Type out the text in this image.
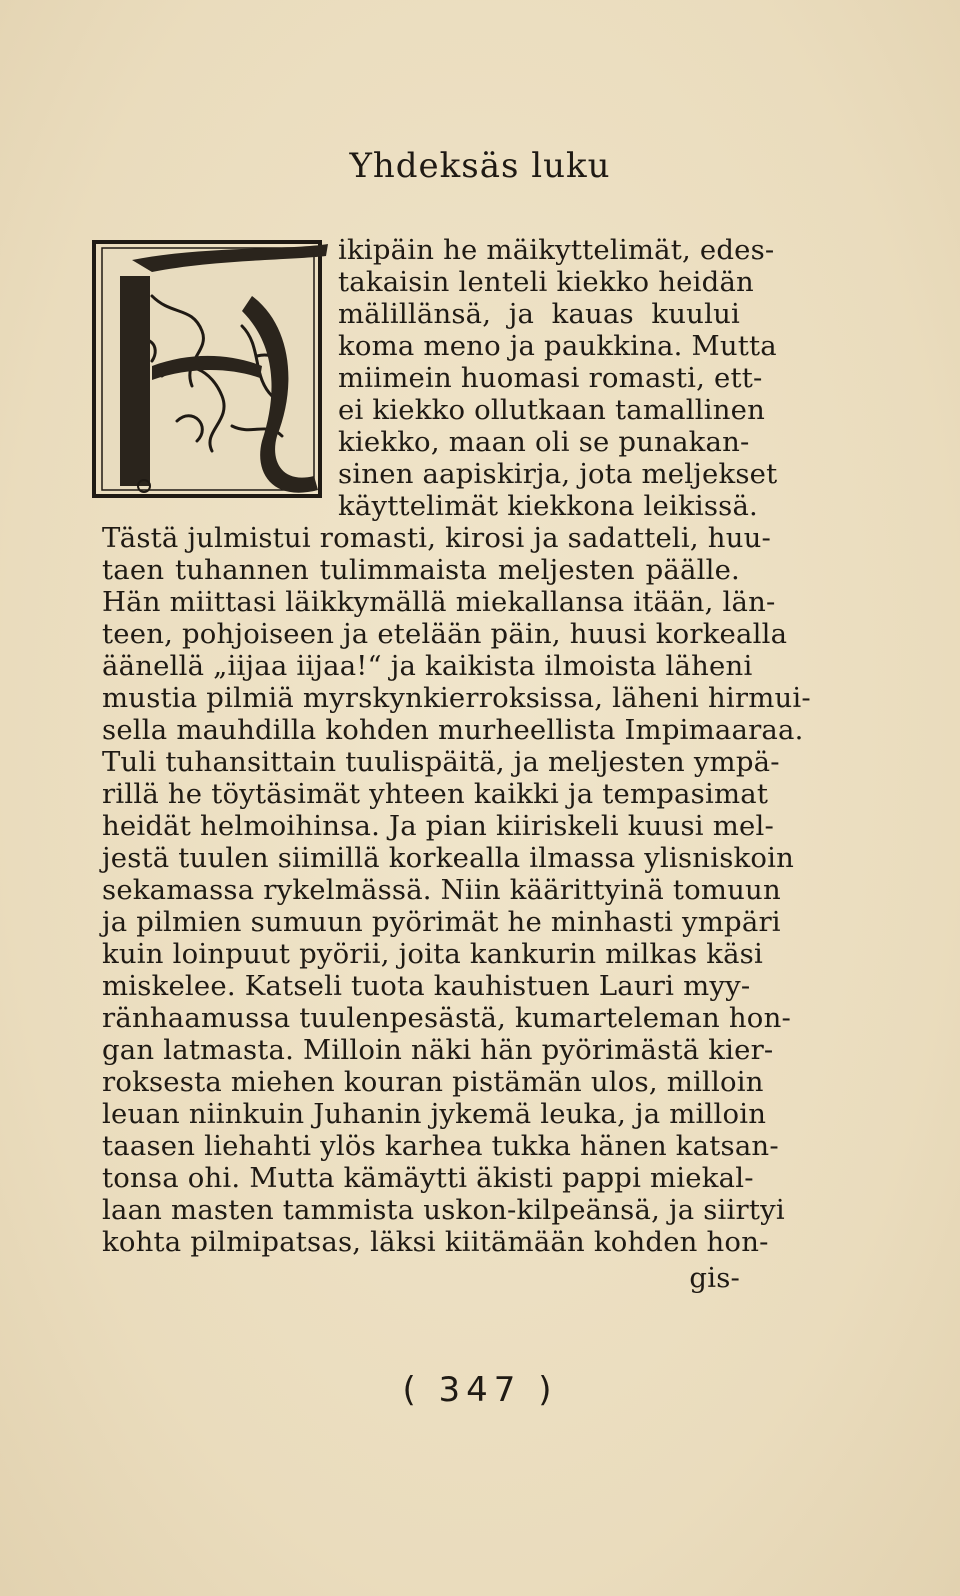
Yhdeksäs luku
ikipäin he mäikyttelimät, edes-
takaisin lenteli kiekko heidän
mälillänsä, ja kauas kuului
koma meno ja paukkina. Mutta
miimein huomasi romasti, ett-
ei kiekko ollutkaan tamallinen
kiekko, maan oli se punakan-
sinen aapiskirja, jota meljekset
käyttelimät kiekkona leikissä.
Tästä julmistui romasti, kirosi ja sadatteli, huu-
taen tuhannen tulimmaista meljesten päälle.
Hän miittasi läikkymällä miekallansa itään, län-
teen, pohjoiseen ja etelään päin, huusi korkealla
äänellä „iijaa iijaa!“ ja kaikista ilmoista läheni
mustia pilmiä myrskynkierroksissa, läheni hirmui-
sella mauhdilla kohden murheellista Impimaaraa.
Tuli tuhansittain tuulispäitä, ja meljesten ympä-
rillä he töytäsimät yhteen kaikki ja tempasimat
heidät helmoihinsa. Ja pian kiiriskeli kuusi mel-
jestä tuulen siimillä korkealla ilmassa ylisniskoin
sekamassa rykelmässä. Niin käärittyinä tomuun
ja pilmien sumuun pyörimät he minhasti ympäri
kuin loinpuut pyörii, joita kankurin milkas käsi
miskelee. Katseli tuota kauhistuen Lauri myy-
ränhaamussa tuulenpesästä, kumarteleman hon-
gan latmasta. Milloin näki hän pyörimästä kier-
roksesta miehen kouran pistämän ulos, milloin
leuan niinkuin Juhanin jykemä leuka, ja milloin
taasen liehahti ylös karhea tukka hänen katsan-
tonsa ohi. Mutta kämäytti äkisti pappi miekal-
laan masten tammista uskon-kilpeänsä, ja siirtyi
kohta pilmipatsas, läksi kiitämään kohden hon-
gis-
( 347 )
